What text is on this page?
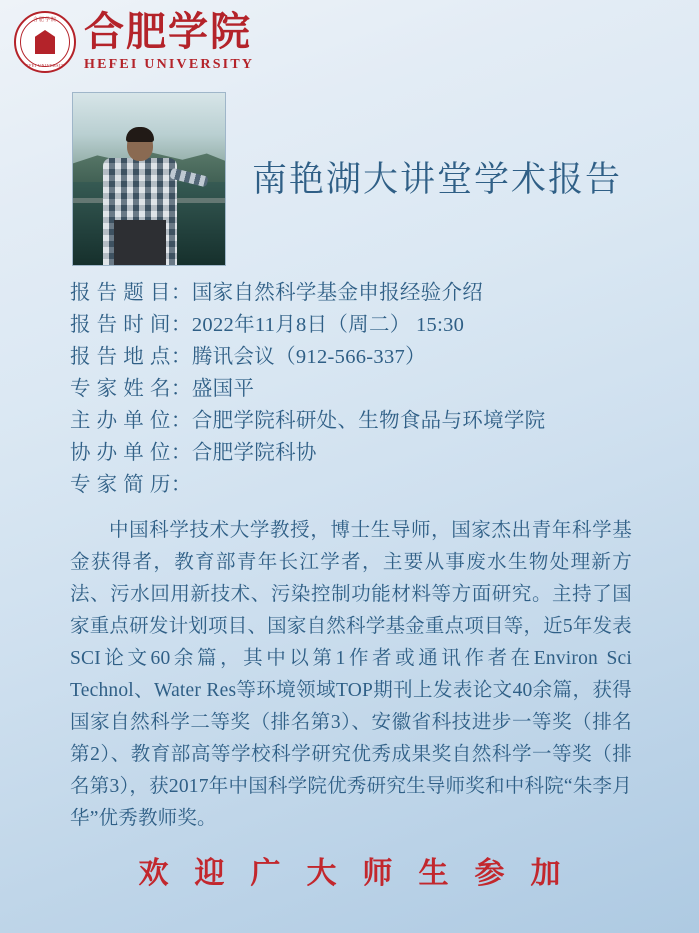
合肥学院
HEFEI UNIVERSITY
合肥学院
HEFEI UNIVERSITY
南艳湖大讲堂学术报告
报 告 题 目： 国家自然科学基金申报经验介绍
报 告 时 间： 2022年11月8日（周二） 15:30
报 告 地 点： 腾讯会议（912-566-337）
专 家 姓 名： 盛国平
主 办 单 位： 合肥学院科研处、生物食品与环境学院
协 办 单 位： 合肥学院科协
专 家 简 历：
中国科学技术大学教授，博士生导师，国家杰出青年科学基金获得者，教育部青年长江学者，主要从事废水生物处理新方法、污水回用新技术、污染控制功能材料等方面研究。主持了国家重点研发计划项目、国家自然科学基金重点项目等，近5年发表SCI论文60余篇，其中以第1作者或通讯作者在Environ Sci Technol、Water Res等环境领域TOP期刊上发表论文40余篇，获得国家自然科学二等奖（排名第3）、安徽省科技进步一等奖（排名第2）、教育部高等学校科学研究优秀成果奖自然科学一等奖（排名第3），获2017年中国科学院优秀研究生导师奖和中科院“朱李月华”优秀教师奖。
欢迎广大师生参加
